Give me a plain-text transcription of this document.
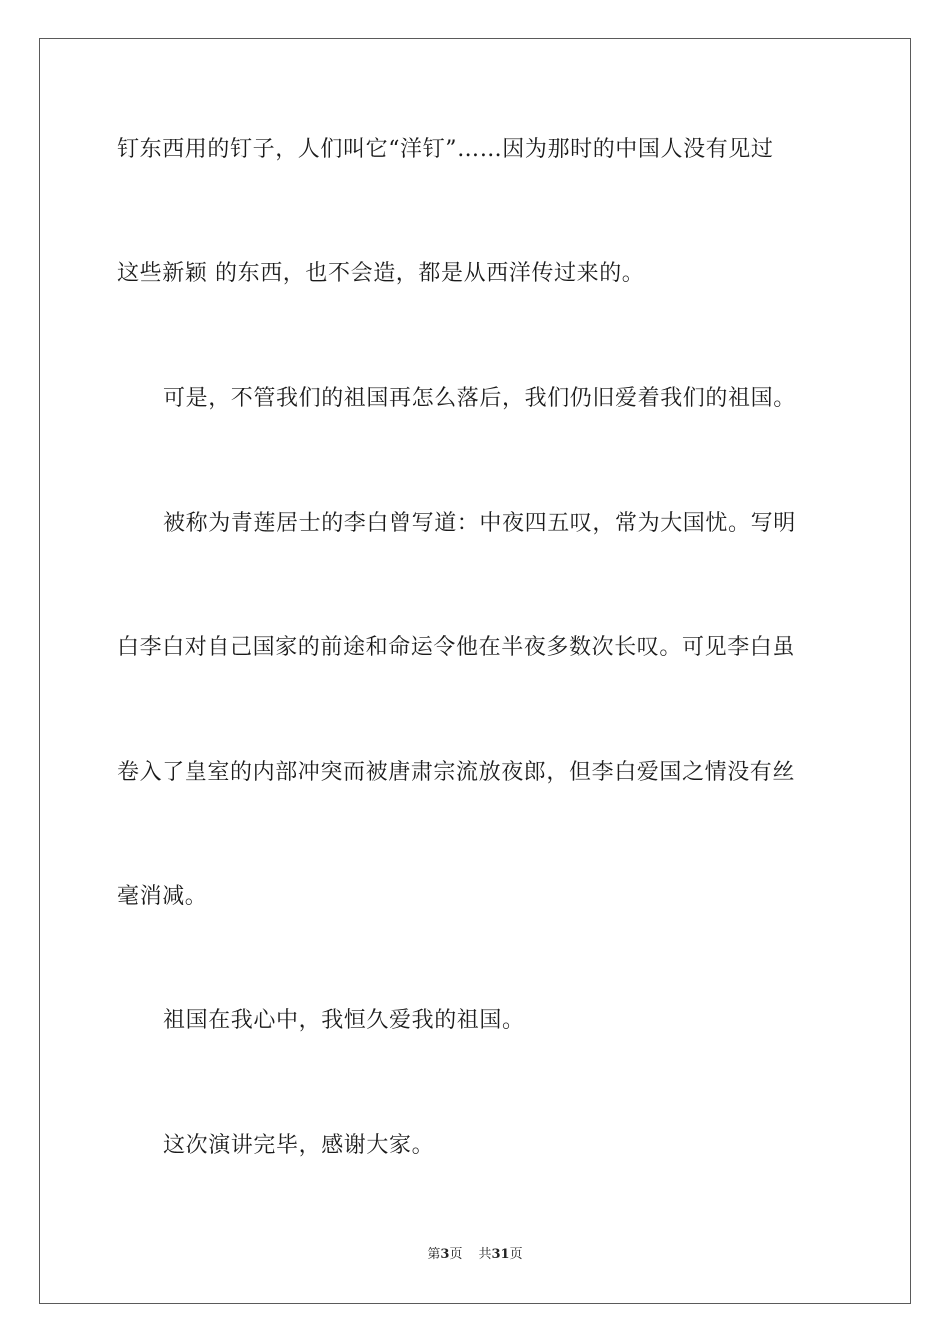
钉东西用的钉子，人们叫它“洋钉”……因为那时的中国人没有见过
这些新颖 的东西，也不会造，都是从西洋传过来的。
可是，不管我们的祖国再怎么落后，我们仍旧爱着我们的祖国。
被称为青莲居士的李白曾写道：中夜四五叹，常为大国忧。写明
白李白对自己国家的前途和命运令他在半夜多数次长叹。可见李白虽
卷入了皇室的内部冲突而被唐肃宗流放夜郎，但李白爱国之情没有丝
毫消减。
祖国在我心中，我恒久爱我的祖国。
这次演讲完毕，感谢大家。
第3页 共31页
